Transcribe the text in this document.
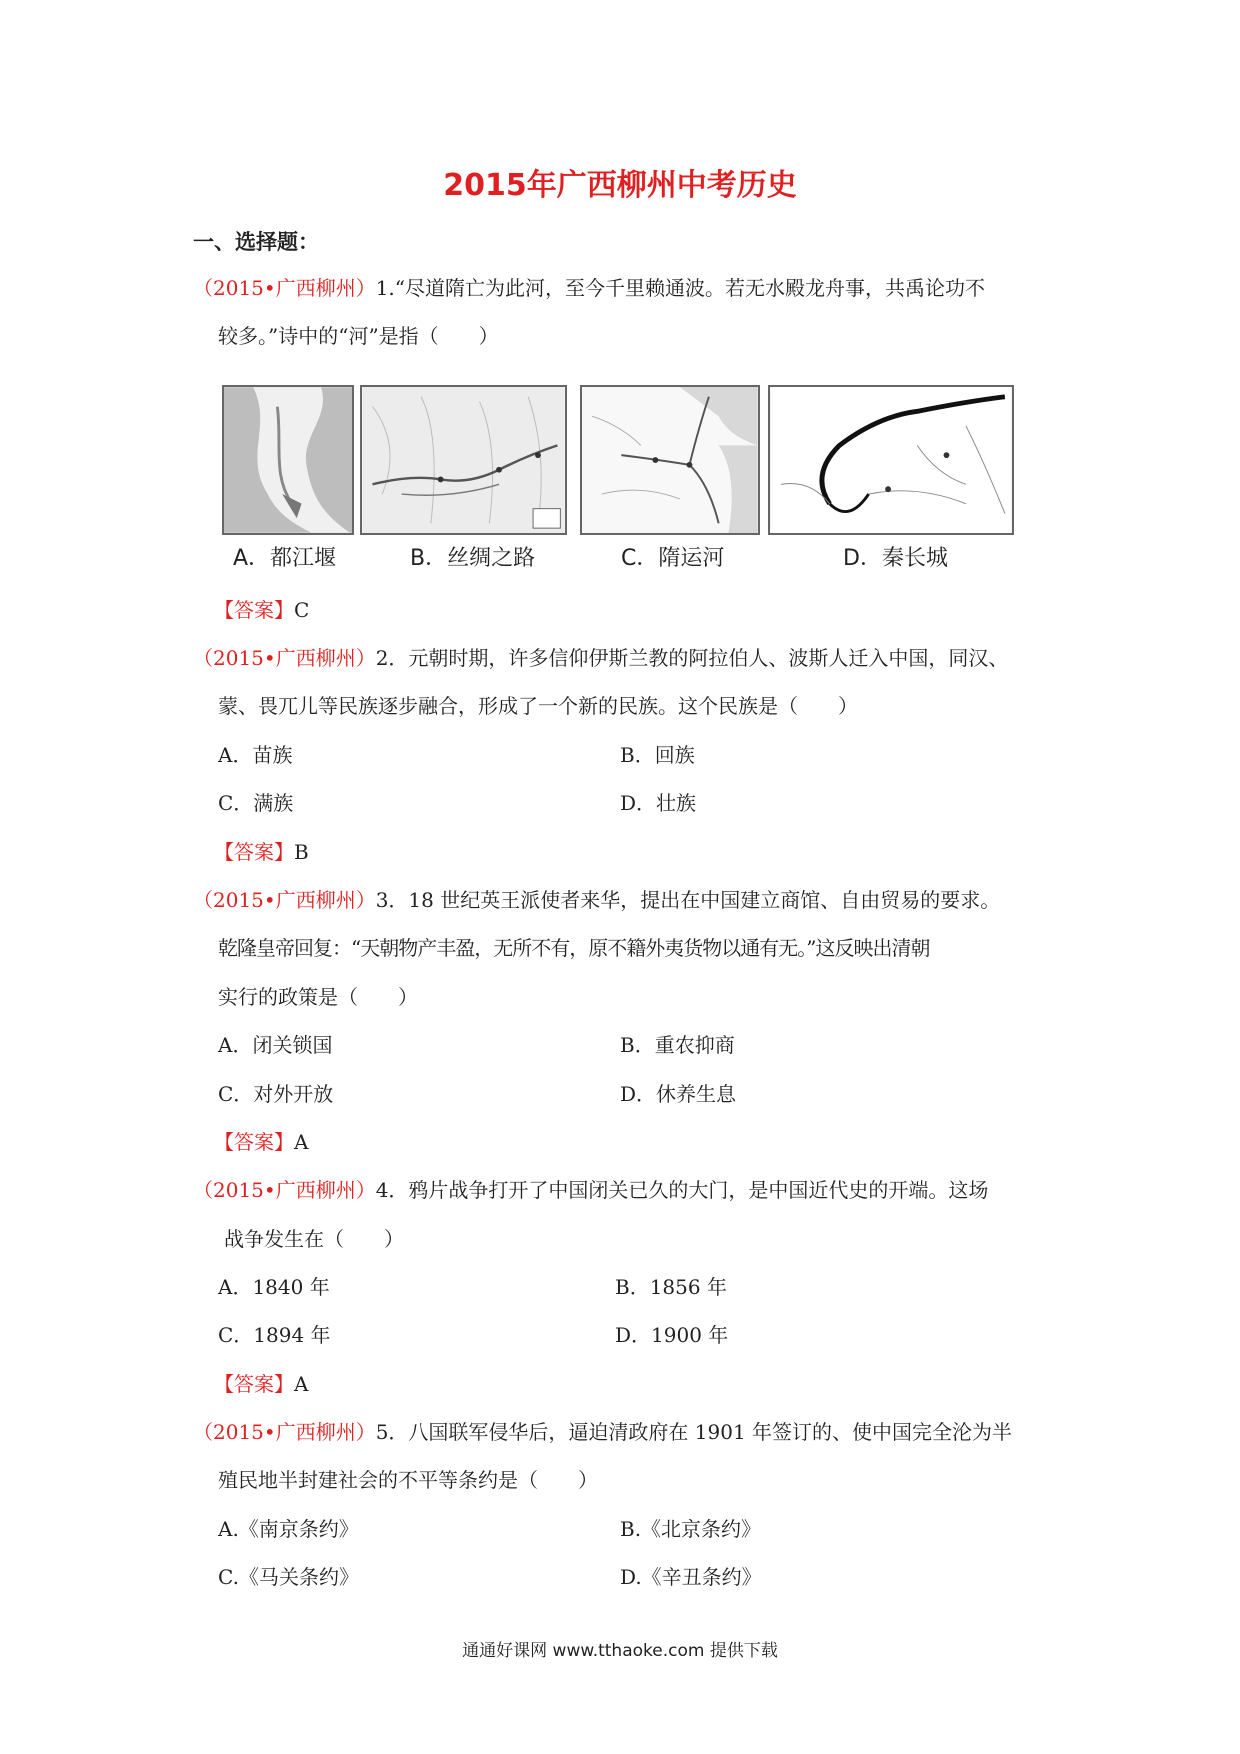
2015年广西柳州中考历史
一、选择题：
（2015•广西柳州）1.“尽道隋亡为此河，至今千里赖通波。若无水殿龙舟事，共禹论功不
较多。”诗中的“河”是指（　　）
A．都江堰	B．丝绸之路	C．隋运河	D．秦长城
【答案】C
（2015•广西柳州）2．元朝时期，许多信仰伊斯兰教的阿拉伯人、波斯人迁入中国，同汉、
蒙、畏兀儿等民族逐步融合，形成了一个新的民族。这个民族是（　　）
A．苗族	B．回族
C．满族	D．壮族
【答案】B
（2015•广西柳州）3．18 世纪英王派使者来华，提出在中国建立商馆、自由贸易的要求。
乾隆皇帝回复：“天朝物产丰盈，无所不有，原不籍外夷货物以通有无。”这反映出清朝
实行的政策是（　　）
A．闭关锁国	B．重农抑商
C．对外开放	D．休养生息
【答案】A
（2015•广西柳州）4．鸦片战争打开了中国闭关已久的大门，是中国近代史的开端。这场
战争发生在（　　）
A．1840 年	B．1856 年
C．1894 年	D．1900 年
【答案】A
（2015•广西柳州）5．八国联军侵华后，逼迫清政府在 1901 年签订的、使中国完全沦为半
殖民地半封建社会的不平等条约是（　　）
A.《南京条约》	B.《北京条约》
C.《马关条约》	D.《辛丑条约》
通通好课网 www.tthaoke.com 提供下载
